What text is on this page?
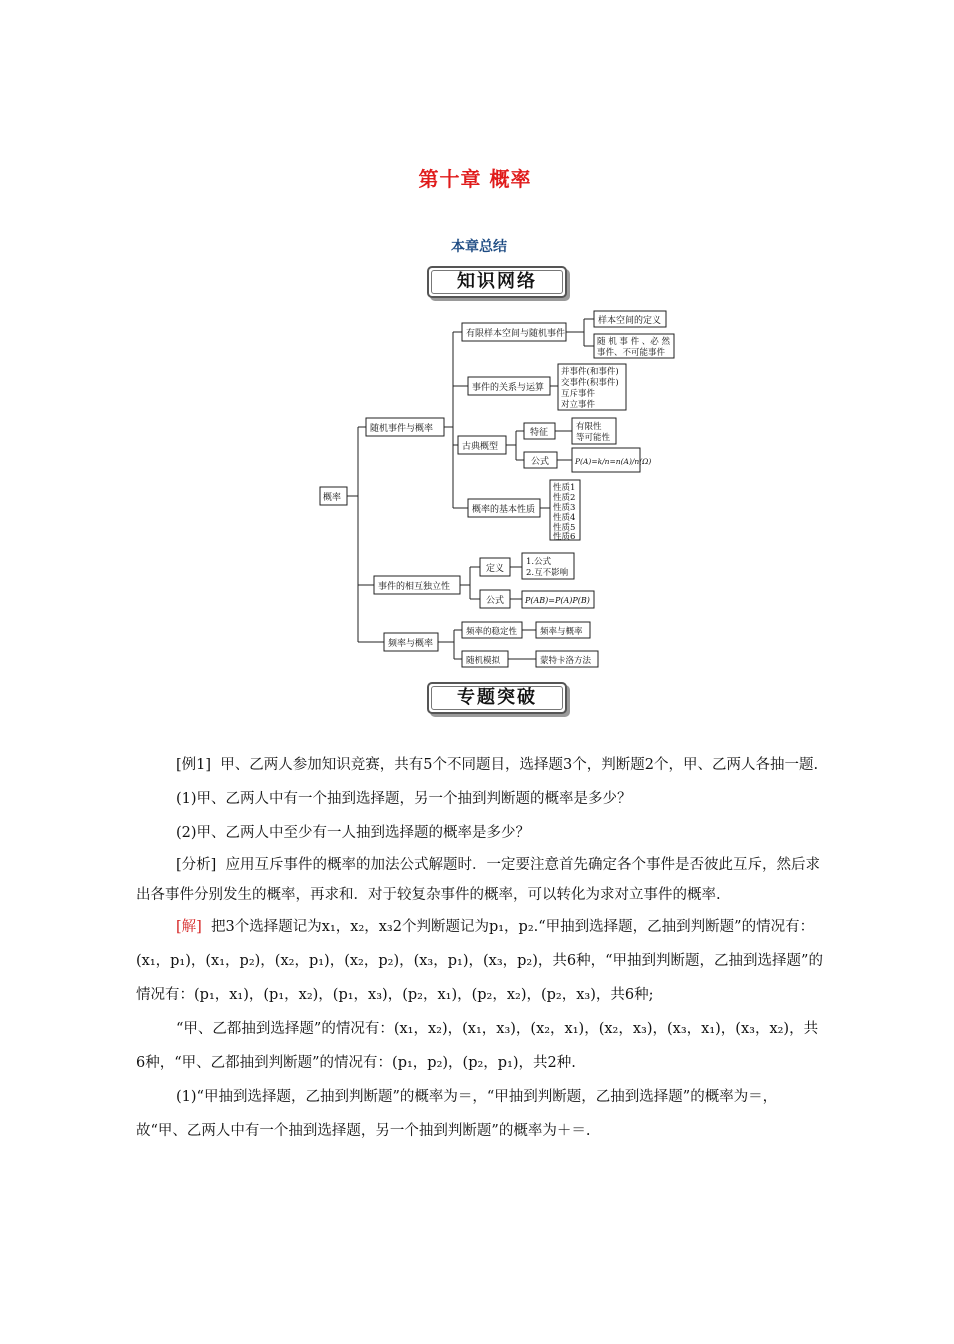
第十章 概率
本章总结
知识网络
概率
随机事件与概率
有限样本空间与随机事件
样本空间的定义
随 机 事 件 、必 然
事件、不可能事件
事件的关系与运算
并事件(和事件)
交事件(积事件)
互斥事件
对立事件
古典概型
特征
有限性
等可能性
公式	P(A)=k/n=n(A)/n(Ω)
概率的基本性质
性质1
性质2
性质3
性质4
性质5
性质6
事件的相互独立性
定义
1.公式
2.互不影响
公式	P(AB)=P(A)P(B)
频率与概率
频率的稳定性	频率与概率
随机模拟	蒙特卡洛方法
专题突破

[例1] 甲、乙两人参加知识竞赛，共有5个不同题目，选择题3个，判断题2个，甲、乙两人各抽一题.

(1)甲、乙两人中有一个抽到选择题，另一个抽到判断题的概率是多少？

(2)甲、乙两人中至少有一人抽到选择题的概率是多少？

[分析] 应用互斥事件的概率的加法公式解题时．一定要注意首先确定各个事件是否彼此互斥，然后求出各事件分别发生的概率，再求和．对于较复杂事件的概率，可以转化为求对立事件的概率.

[解] 把3个选择题记为x₁，x₂，x₃2个判断题记为p₁，p₂.“甲抽到选择题，乙抽到判断题”的情况有：(x₁，p₁)，(x₁，p₂)，(x₂，p₁)，(x₂，p₂)，(x₃，p₁)，(x₃，p₂)，共6种，“甲抽到判断题，乙抽到选择题”的情况有：(p₁，x₁)，(p₁，x₂)，(p₁，x₃)，(p₂，x₁)，(p₂，x₂)，(p₂，x₃)，共6种;

“甲、乙都抽到选择题”的情况有：(x₁，x₂)，(x₁，x₃)，(x₂，x₁)，(x₂，x₃)，(x₃，x₁)，(x₃，x₂)，共6种，“甲、乙都抽到判断题”的情况有：(p₁，p₂)，(p₂，p₁)，共2种.

(1)“甲抽到选择题，乙抽到判断题”的概率为＝，“甲抽到判断题，乙抽到选择题”的概率为＝，故“甲、乙两人中有一个抽到选择题，另一个抽到判断题”的概率为＋＝.
